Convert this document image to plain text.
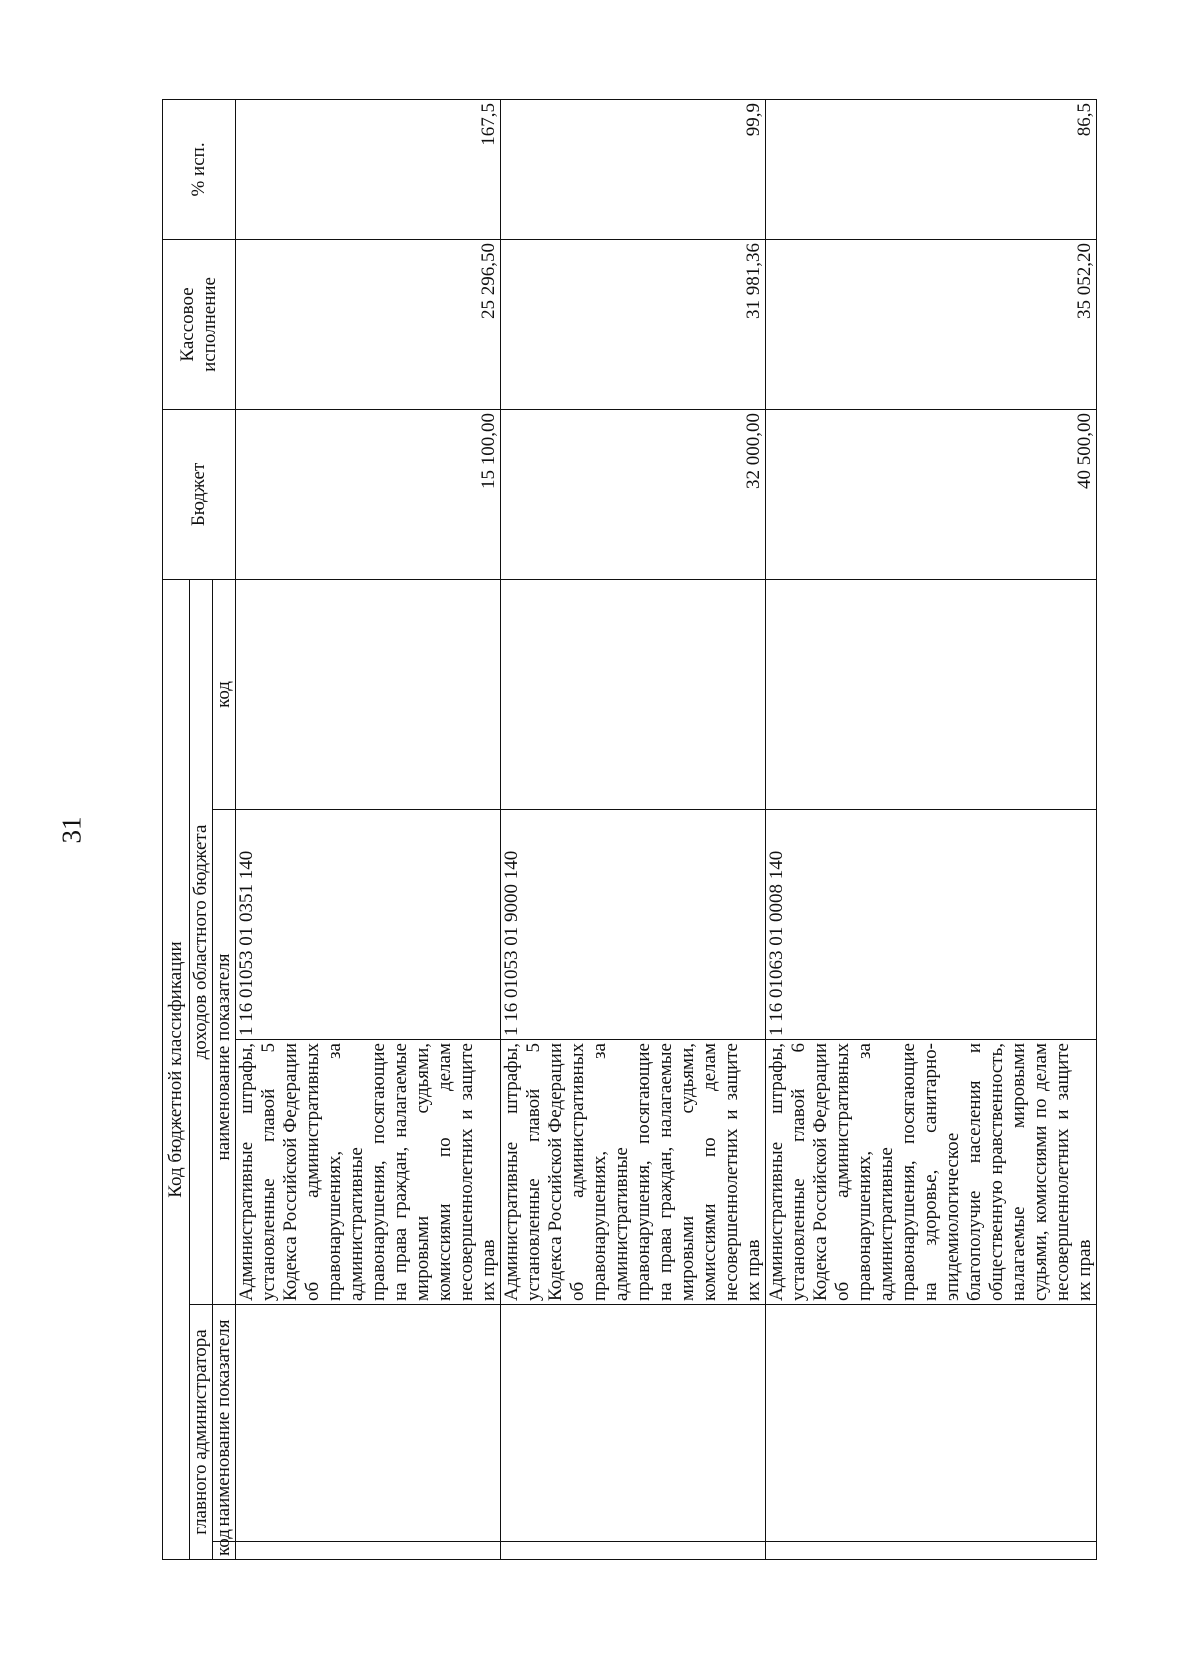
31
Код бюджетной классификации					Бюджет	Кассовое исполнение	% исп.
главного администратора		доходов областного бюджета					
код	наименование показателя	наименование показателя		код			
		Административные штрафы, установленные главой 5 Кодекса Российской Федерации об административных правонарушениях, за административные правонарушения, посягающие на права граждан, налагаемые мировыми судьями, комиссиями по делам несовершеннолетних и защите их прав	1 16 01053 01 0351 140		15 100,00	25 296,50	167,5
		Административные штрафы, установленные главой 5 Кодекса Российской Федерации об административных правонарушениях, за административные правонарушения, посягающие на права граждан, налагаемые мировыми судьями, комиссиями по делам несовершеннолетних и защите их прав	1 16 01053 01 9000 140		32 000,00	31 981,36	99,9
		Административные штрафы, установленные главой 6 Кодекса Российской Федерации об административных правонарушениях, за административные правонарушения, посягающие на здоровье, санитарно-эпидемиологическое благополучие населения и общественную нравственность, налагаемые мировыми судьями, комиссиями по делам несовершеннолетних и защите их прав	1 16 01063 01 0008 140		40 500,00	35 052,20	86,5
